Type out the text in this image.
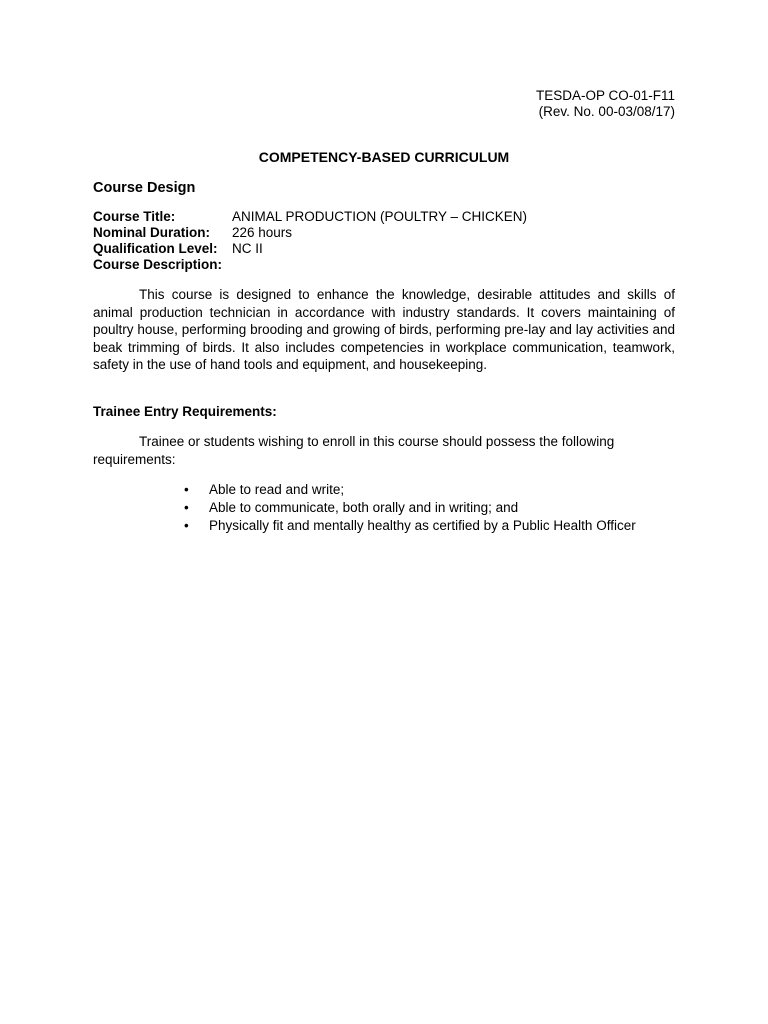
TESDA-OP CO-01-F11
(Rev. No. 00-03/08/17)
COMPETENCY-BASED CURRICULUM
Course Design
Course Title:	ANIMAL PRODUCTION (POULTRY – CHICKEN)
Nominal Duration:	226 hours
Qualification Level:	NC II
Course Description:

This course is designed to enhance the knowledge, desirable attitudes and skills of animal production technician in accordance with industry standards. It covers maintaining of poultry house, performing brooding and growing of birds, performing pre-lay and lay activities and beak trimming of birds. It also includes competencies in workplace communication, teamwork, safety in the use of hand tools and equipment, and housekeeping.

Trainee Entry Requirements:

Trainee or students wishing to enroll in this course should possess the following requirements:

• Able to read and write;
• Able to communicate, both orally and in writing; and
• Physically fit and mentally healthy as certified by a Public Health Officer
